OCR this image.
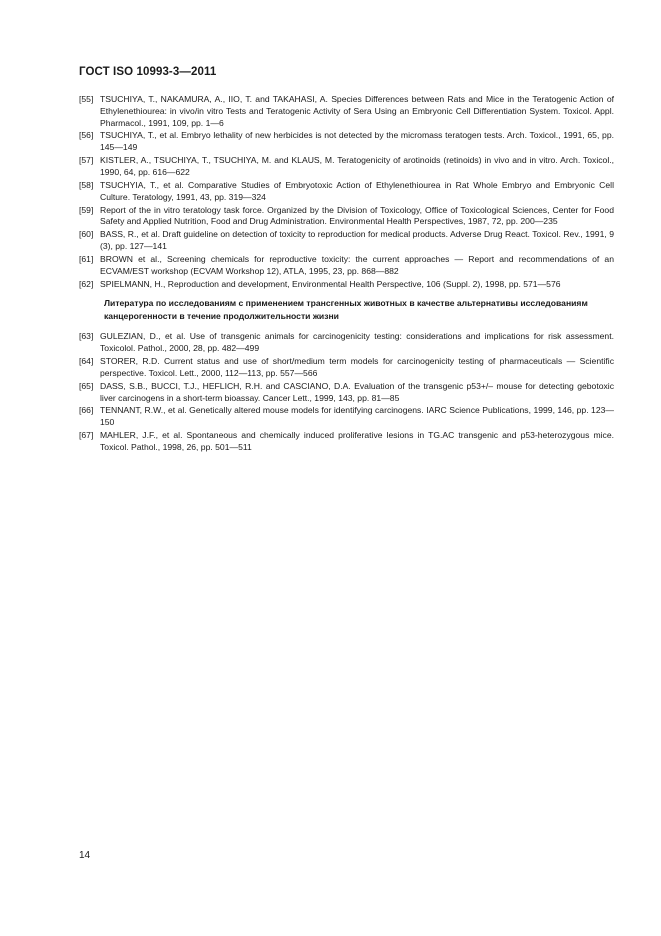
ГОСТ ISO 10993-3—2011
[55] TSUCHIYA, T., NAKAMURA, A., IIO, T. and TAKAHASI, A. Species Differences between Rats and Mice in the Teratogenic Action of Ethylenethiourea: in vivo/in vitro Tests and Teratogenic Activity of Sera Using an Embryonic Cell Differentiation System. Toxicol. Appl. Pharmacol., 1991, 109, pp. 1—6
[56] TSUCHIYA, T., et al. Embryo lethality of new herbicides is not detected by the micromass teratogen tests. Arch. Toxicol., 1991, 65, pp. 145—149
[57] KISTLER, A., TSUCHIYA, T., TSUCHIYA, M. and KLAUS, M. Teratogenicity of arotinoids (retinoids) in vivo and in vitro. Arch. Toxicol., 1990, 64, pp. 616—622
[58] TSUCHYIA, T., et al. Comparative Studies of Embryotoxic Action of Ethylenethiourea in Rat Whole Embryo and Embryonic Cell Culture. Teratology, 1991, 43, pp. 319—324
[59] Report of the in vitro teratology task force. Organized by the Division of Toxicology, Office of Toxicological Sciences, Center for Food Safety and Applied Nutrition, Food and Drug Administration. Environmental Health Perspectives, 1987, 72, pp. 200—235
[60] BASS, R., et al. Draft guideline on detection of toxicity to reproduction for medical products. Adverse Drug React. Toxicol. Rev., 1991, 9 (3), pp. 127—141
[61] BROWN et al., Screening chemicals for reproductive toxicity: the current approaches — Report and recommendations of an ECVAM/EST workshop (ECVAM Workshop 12), ATLA, 1995, 23, pp. 868—882
[62] SPIELMANN, H., Reproduction and development, Environmental Health Perspective, 106 (Suppl. 2), 1998, pp. 571—576
Литература по исследованиям с применением трансгенных животных в качестве альтернативы исследованиям канцерогенности в течение продолжительности жизни
[63] GULEZIAN, D., et al. Use of transgenic animals for carcinogenicity testing: considerations and implications for risk assessment. Toxicolol. Pathol., 2000, 28, pp. 482—499
[64] STORER, R.D. Current status and use of short/medium term models for carcinogenicity testing of pharmaceuticals — Scientific perspective. Toxicol. Lett., 2000, 112—113, pp. 557—566
[65] DASS, S.B., BUCCI, T.J., HEFLICH, R.H. and CASCIANO, D.A. Evaluation of the transgenic p53+/– mouse for detecting gebotoxic liver carcinogens in a short-term bioassay. Cancer Lett., 1999, 143, pp. 81—85
[66] TENNANT, R.W., et al. Genetically altered mouse models for identifying carcinogens. IARC Science Publications, 1999, 146, pp. 123—150
[67] MAHLER, J.F., et al. Spontaneous and chemically induced proliferative lesions in TG.AC transgenic and p53-heterozygous mice. Toxicol. Pathol., 1998, 26, pp. 501—511
14
